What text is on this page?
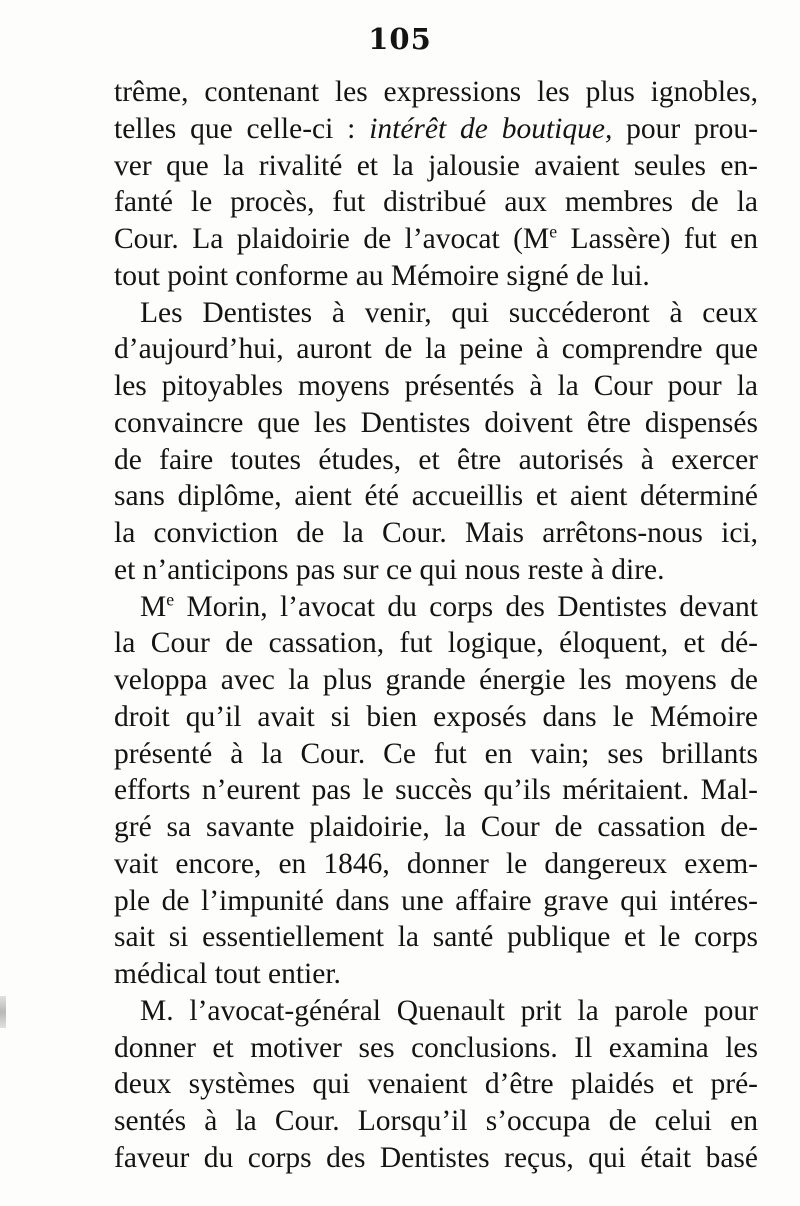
105
trême, contenant les expressions les plus ignobles,
telles que celle-ci : intérêt de boutique, pour prou-
ver que la rivalité et la jalousie avaient seules en-
fanté le procès, fut distribué aux membres de la
Cour. La plaidoirie de l’avocat (Me Lassère) fut en
tout point conforme au Mémoire signé de lui.
Les Dentistes à venir, qui succéderont à ceux
d’aujourd’hui, auront de la peine à comprendre que
les pitoyables moyens présentés à la Cour pour la
convaincre que les Dentistes doivent être dispensés
de faire toutes études, et être autorisés à exercer
sans diplôme, aient été accueillis et aient déterminé
la conviction de la Cour. Mais arrêtons-nous ici,
et n’anticipons pas sur ce qui nous reste à dire.
Me Morin, l’avocat du corps des Dentistes devant
la Cour de cassation, fut logique, éloquent, et dé-
veloppa avec la plus grande énergie les moyens de
droit qu’il avait si bien exposés dans le Mémoire
présenté à la Cour. Ce fut en vain; ses brillants
efforts n’eurent pas le succès qu’ils méritaient. Mal-
gré sa savante plaidoirie, la Cour de cassation de-
vait encore, en 1846, donner le dangereux exem-
ple de l’impunité dans une affaire grave qui intéres-
sait si essentiellement la santé publique et le corps
médical tout entier.
M. l’avocat-général Quenault prit la parole pour
donner et motiver ses conclusions. Il examina les
deux systèmes qui venaient d’être plaidés et pré-
sentés à la Cour. Lorsqu’il s’occupa de celui en
faveur du corps des Dentistes reçus, qui était basé
